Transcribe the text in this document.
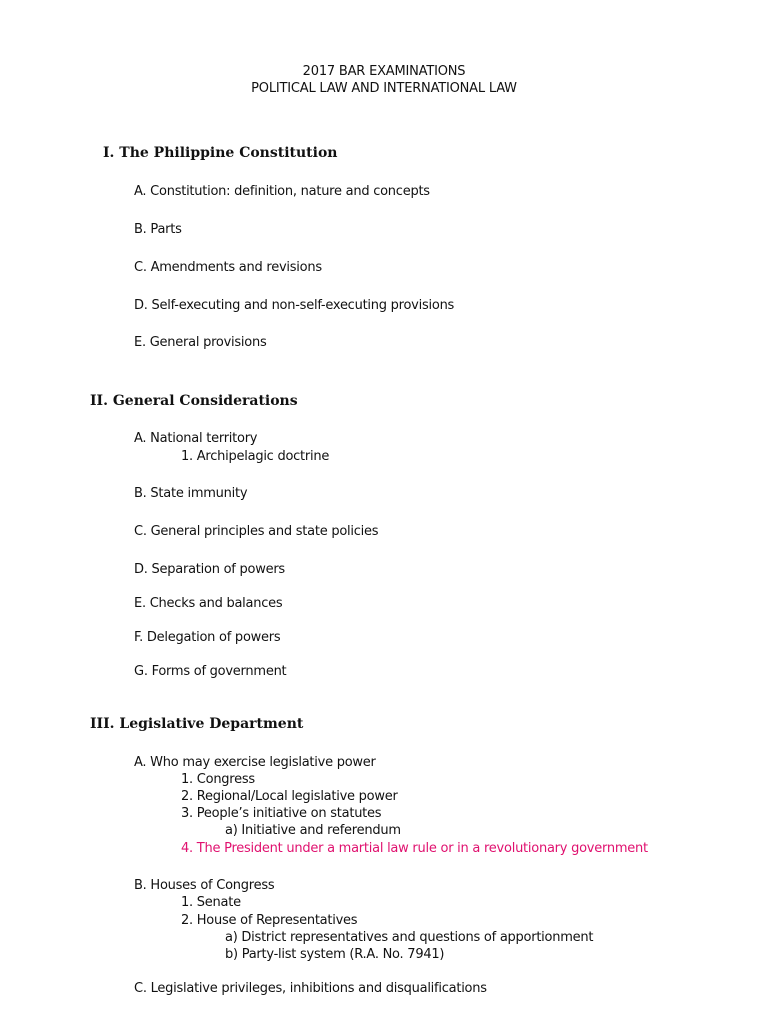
2017 BAR EXAMINATIONS
POLITICAL LAW AND INTERNATIONAL LAW
I. The Philippine Constitution
A. Constitution: definition, nature and concepts
B. Parts
C. Amendments and revisions
D. Self-executing and non-self-executing provisions
E. General provisions
II. General Considerations
A. National territory
1. Archipelagic doctrine
B. State immunity
C. General principles and state policies
D. Separation of powers
E. Checks and balances
F. Delegation of powers
G. Forms of government
III. Legislative Department
A. Who may exercise legislative power
1. Congress
2. Regional/Local legislative power
3. People’s initiative on statutes
a) Initiative and referendum
4. The President under a martial law rule or in a revolutionary government
B. Houses of Congress
1. Senate
2. House of Representatives
a) District representatives and questions of apportionment
b) Party-list system (R.A. No. 7941)
C. Legislative privileges, inhibitions and disqualifications
